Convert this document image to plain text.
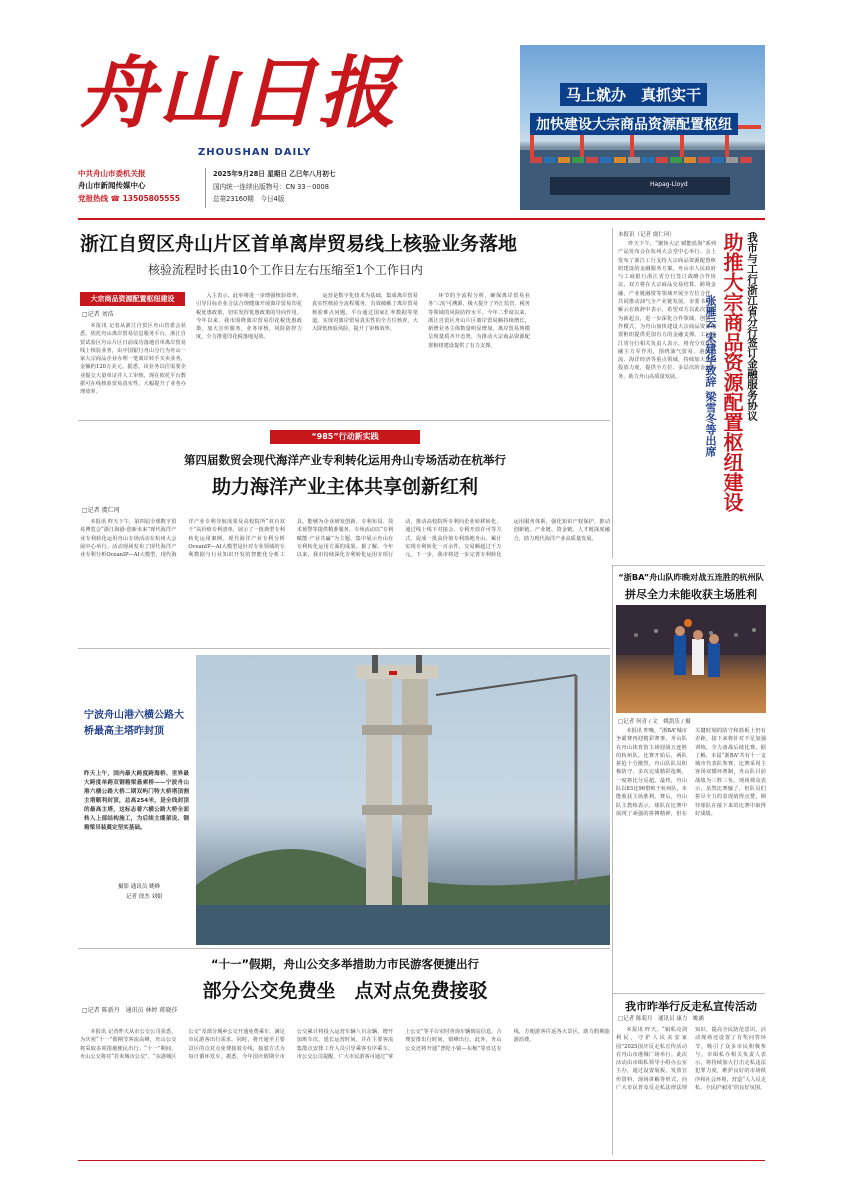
舟山日报
ZHOUSHAN DAILY
中共舟山市委机关报
舟山市新闻传媒中心
党报热线 ☎ 13505805555
2025年9月28日 星期日 乙巳年八月初七
国内统一连续出版物号：CN 33－0008
总第23160期　今日4版
马上就办　真抓实干
加快建设大宗商品资源配置枢纽
Hapag-Lloyd
浙江自贸区舟山片区首单离岸贸易线上核验业务落地
核验流程时长由10个工作日左右压缩至1个工作日内
大宗商品资源配置枢纽建设
□记者 刘浩

本报讯 记者从浙江自贸区舟山管委会获悉，依托舟山离岸贸易信息服务平台，浙江自贸试验区舟山片区日前成功落地首单离岸贸易线上核验业务，由中国银行舟山分行为舟山一家大宗商品企业办理一笔离岸转手买卖业务，金额约120万美元。据悉，该业务以往需要企业提交大量单证并人工审核，现在依托平台数据可在线核验贸易真实性，大幅提升了业务办理效率。

入主表示，此举将进一步增强核验效率，引导目标企业合法合规健康开展离岸贸易印花税优惠政策，切实发挥优惠政策的导向作用。今年以来，我市围绕离岸贸易印花税优惠政策，加大宣传服务，业务审核，风险防控力度，全力推进印花税落地见效。

运营是数字化技术为基础，集成离岸贸易真实性核验全流程服务，有效破解了离岸贸易核验难点问题。平台通过国家汇率数据等渠道，实现对离岸贸易真实性的全方位核查，大大降低核验风险，提升了审核效率。

环节的全流程分析，确保离岸贸易业务‘三流’可溯源，极大提升了外汇监管、税务等领域的风险防控水平。今年二季度以来，浙江自贸区舟山片区离岸贸易额持续增长，新增业务主体数量明显增加，离岸贸易规模呈现量质齐升态势，为推动大宗商品资源配置枢纽建设提供了有力支撑。

本报讯（记者 虞仁珂）

昨天下午，“聚焦大宗 赋能蓝海”系列产品发布会在杭州大会堂中心举行。会上发布了浙江工行支持大宗商品资源配置枢纽建设的金融服务方案。舟山市人民政府与工商银行浙江省分行签订战略合作协议，双方将在大宗商品交易结算、跨境金融、产业链融资等领域开展全方位合作，共同推动油气全产业链发展。市委书记张雁云在致辞中表示，希望双方以此次签约为新起点，进一步深化合作领域、创新合作模式，为舟山加快建设大宗商品资源配置枢纽提供更加有力的金融支撑。工行浙江省分行相关负责人表示，将充分发挥金融主力军作用，围绕油气贸易、港航物流、海洋经济等重点领域，持续加大信贷投放力度，提供全方位、多层次的金融服务，助力舟山高质量发展。	我市与工行浙江省分行签订金融服务协议
助推大宗商品资源配置枢纽建设
张雁云 宋建华致辞 梁雪冬等出席
“985”行动新实践
第四届数贸会现代海洋产业专利转化运用舟山专场活动在杭举行
助力海洋产业主体共享创新红利
□记者 虞仁珂

本报讯 昨天下午，第四届全球数字贸易博览会“浙江海港·创新未来”现代海洋产业专利转化运用舟山专场活动在杭州大会展中心举行。活动现场发布了现代海洋产业专利分析OceanIP—AI大模型，现代海洋产业专利导航成果及高校院所“双百双千”高价值专利清单，展示了一批典型专利转化运用案例。现代海洋产业专利分析OceanIP—AI大模型是针对专业领域的专利数据与行业知识开发的智能化分析工具，能够为企业研发创新、专利布局、技术预警等提供精准服务。专场活动以“专利赋能·产业共赢”为主题，集中展示舟山在专利转化运用方面的成果。据了解，今年以来，我市持续深化专利转化运用专项行动，推动高校院所专利向企业转移转化，通过线上线下对接会、专利开放许可等方式，促成一批高价值专利落地舟山，累计实现专利转化一百余件，交易额超过千万元。下一步，我市将进一步完善专利转化运用服务体系，强化知识产权保护，推动创新链、产业链、资金链、人才链深度融合，助力现代海洋产业高质量发展。

宁波舟山港六横公路大桥最高主塔昨封顶
昨天上午，国内最大跨度跨海桥、世界最大跨度单跨双钢箱梁悬索桥——宁波舟山港六横公路大桥二期双屿门特大桥塔顶割主塔顺利封顶，总高254米，是全线封顶的最高主塔，这标志着六横公路大桥全面转入上部结构施工，为后续主缆架设、钢箱梁吊装奠定坚实基础。
摄影 通讯员 姚峰
记者 徐杰 刘娟
“十一”假期，舟山公交多举措助力市民游客便捷出行
部分公交免费坐　点对点免费接驳
□记者 陈新丹　通讯员 林婷 蒋晓莎

本报讯 记者昨天从市公交公司获悉，为庆祝“十一”假期节客流高峰，舟山公交将采取多项措施便民出行。“十一”期间，舟山公交将对“若米城市公交”、“东港城区公交”及部分城乡公交开通免费乘车，满足市民游客出行需求。同时，将开通至主要景区的点对点免费接驳专线，接驳方式为每日循环发车。据悉，今年国庆假期全市公交累计将投入运营车辆八百余辆，增开加班车次，延长运营时间，并在主要客流集散点安排工作人员引导乘客有序乘车。市公交公司提醒，广大市民游客可通过“掌上公交”等平台实时查询车辆到站信息，合理安排出行时间，错峰出行。此外，舟山公交还将开通“普陀小镇—东极”等直达专线，方便游客往返各大景区，助力假期旅游消费。

“浙BA”舟山队昨晚对战五连胜的杭州队
拼尽全力未能收获主场胜利
□记者 何青 / 文　姚凯乐 / 摄

本报讯 昨晚，“浙BA”城市争霸赛再迎精彩赛事，舟山队在舟山体育馆主场迎战五连胜的杭州队。比赛开始后，两队拼抢十分激烈，舟山队队员积极防守，多次完成精彩抢断，一度将比分反超。最终，舟山队以83比96惜败于杭州队，未能收获主场胜利。赛后，舟山队主教练表示，球队在比赛中展现了顽强的拼搏精神，但在关键时刻的防守和篮板上仍有差距，接下来将针对不足加强训练，全力备战后续比赛。据了解，本届“浙BA”共有十一支城市代表队参赛，比赛采用主客场双循环赛制，舟山队目前战绩为三胜三负。现场观众表示，虽然比赛输了，但队员们拼尽全力的表现值得点赞，期待球队在接下来的比赛中取得好成绩。

我市昨举行反走私宣传活动
□记者 陈菊月　通讯员 康力　姚涵

本报讯 昨天，“辑私亮剑利民，守护人民美安家园”2025国庆反走私宣传活动在舟山市港城广场举行。此次活动由市缉私领导小组办公室主办，通过设置展板、发放宣传资料、现场讲解等形式，向广大市民普及反走私法律法规知识，提高全民防范意识。活动现场还设置了有奖问答环节，吸引了众多市民积极参与。市缉私办相关负责人表示，将持续加大打击走私违法犯罪力度，维护良好的市场秩序和社会环境，营造“人人反走私、全民护家园”的良好氛围。
